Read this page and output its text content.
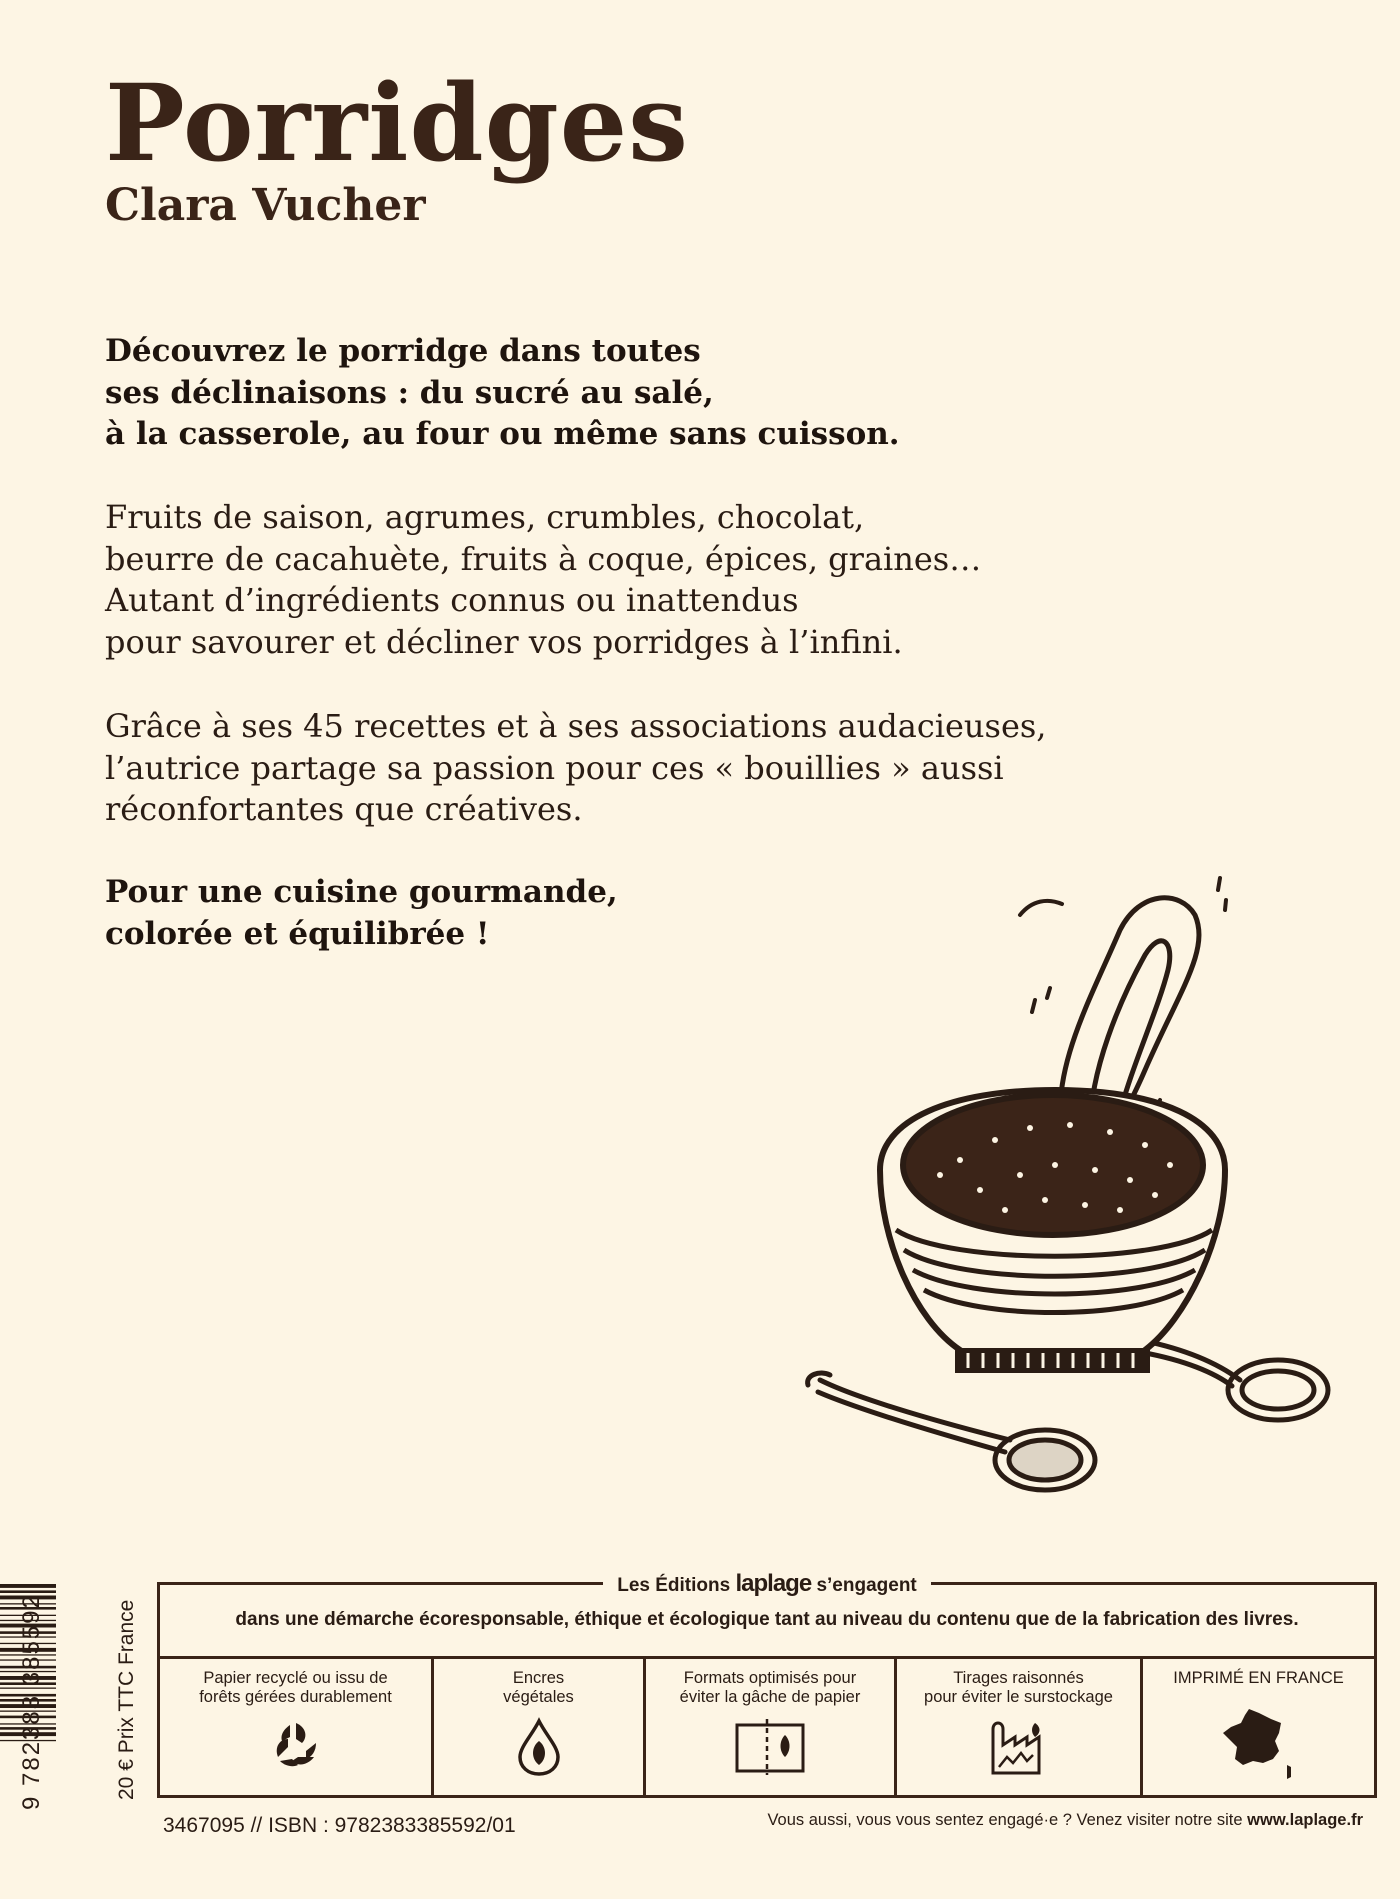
Porridges
Clara Vucher

Découvrez le porridge dans toutes
ses déclinaisons : du sucré au salé,
à la casserole, au four ou même sans cuisson.

Fruits de saison, agrumes, crumbles, chocolat,
beurre de cacahuète, fruits à coque, épices, graines…
Autant d’ingrédients connus ou inattendus
pour savourer et décliner vos porridges à l’infini.

Grâce à ses 45 recettes et à ses associations audacieuses,
l’autrice partage sa passion pour ces « bouillies » aussi
réconfortantes que créatives.

Pour une cuisine gourmande,
colorée et équilibrée !

9 782383 385592	20 € Prix TTC France
Les Éditions laplage s’engagent
dans une démarche écoresponsable, éthique et écologique tant au niveau du contenu que de la fabrication des livres.
Papier recyclé ou issu de
forêts gérées durablement
Encres
végétales
Formats optimisés pour
éviter la gâche de papier
Tirages raisonnés
pour éviter le surstockage
IMPRIMÉ EN FRANCE
3467095 // ISBN : 9782383385592/01	Vous aussi, vous vous sentez engagé·e ? Venez visiter notre site www.laplage.fr
